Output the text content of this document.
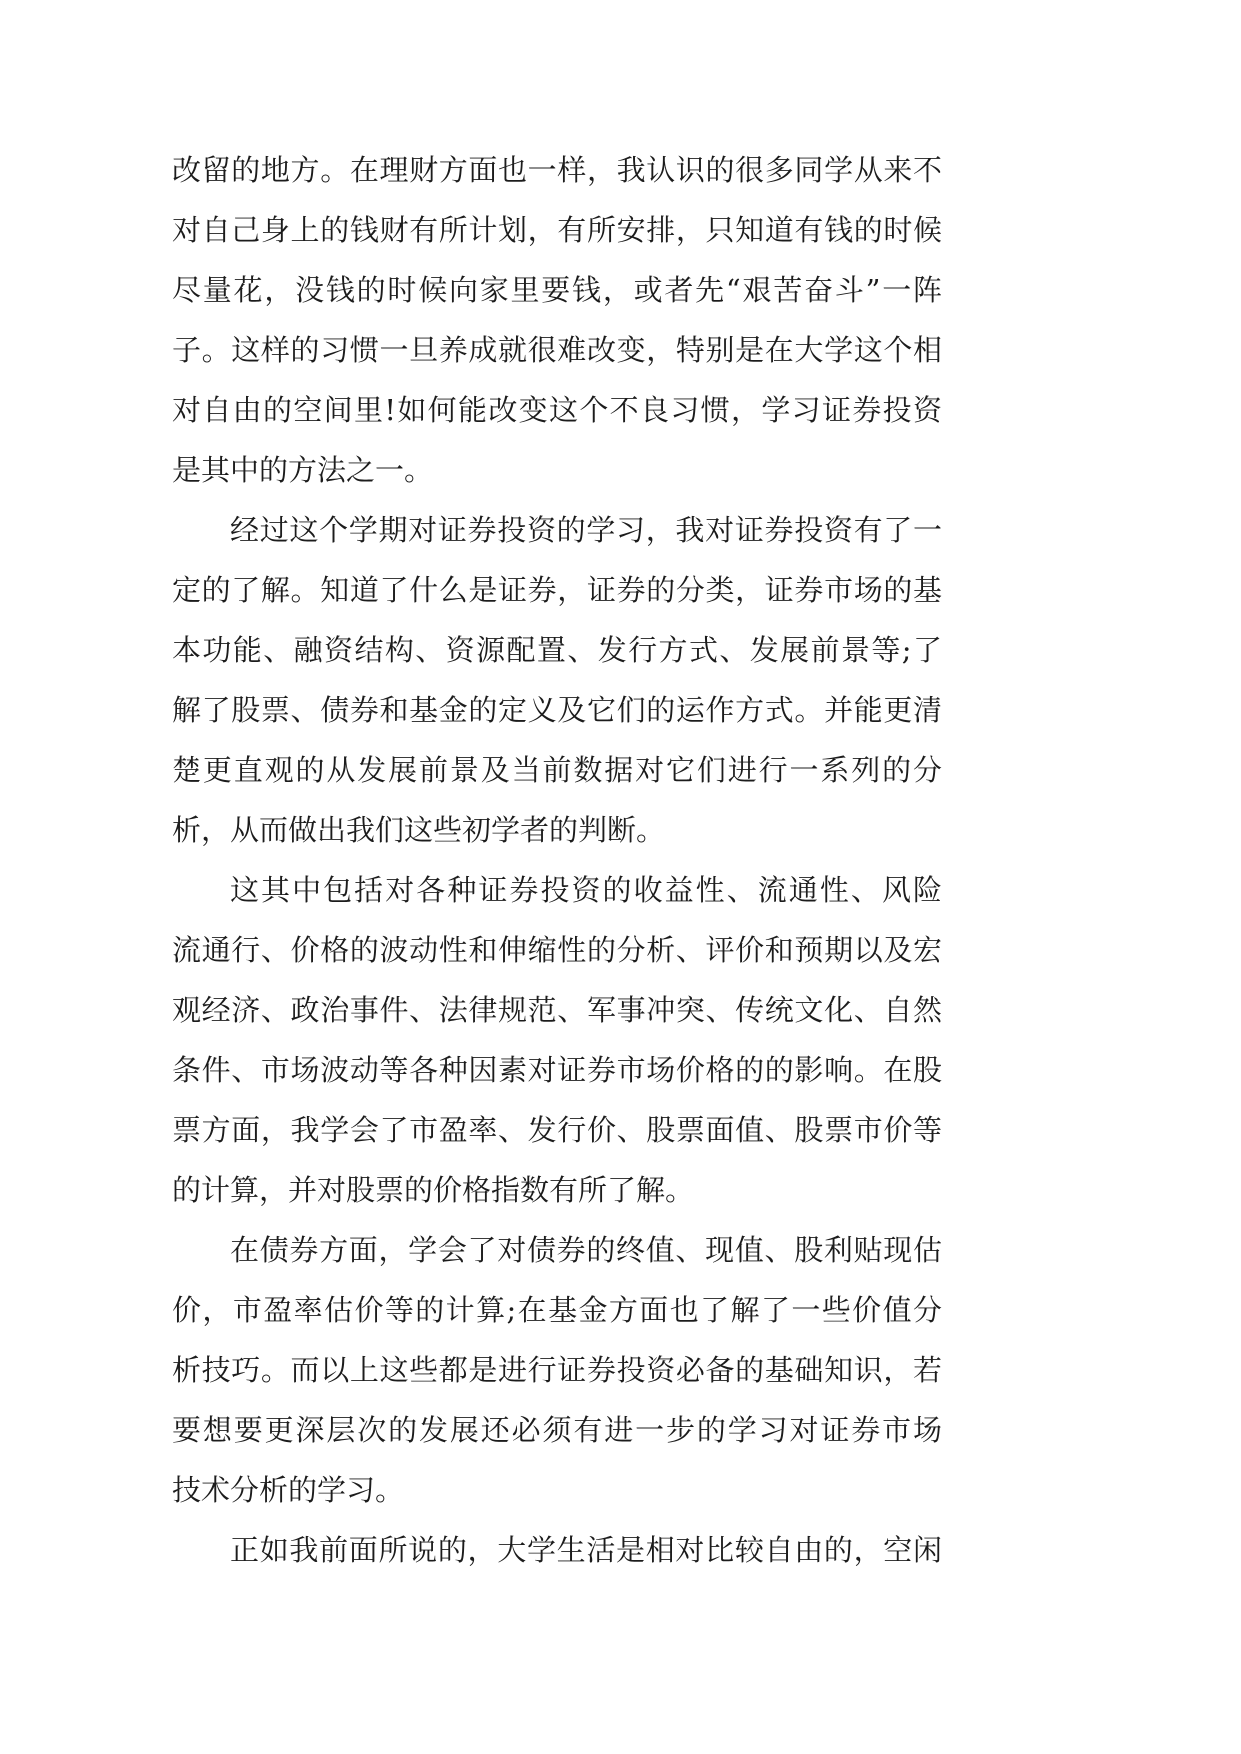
改留的地方。在理财方面也一样，我认识的很多同学从来不
对自己身上的钱财有所计划，有所安排，只知道有钱的时候
尽量花，没钱的时候向家里要钱，或者先“艰苦奋斗”一阵
子。这样的习惯一旦养成就很难改变，特别是在大学这个相
对自由的空间里!如何能改变这个不良习惯，学习证券投资
是其中的方法之一。
经过这个学期对证券投资的学习，我对证券投资有了一
定的了解。知道了什么是证券，证券的分类，证券市场的基
本功能、融资结构、资源配置、发行方式、发展前景等;了
解了股票、债券和基金的定义及它们的运作方式。并能更清
楚更直观的从发展前景及当前数据对它们进行一系列的分
析，从而做出我们这些初学者的判断。
这其中包括对各种证券投资的收益性、流通性、风险
流通行、价格的波动性和伸缩性的分析、评价和预期以及宏
观经济、政治事件、法律规范、军事冲突、传统文化、自然
条件、市场波动等各种因素对证券市场价格的的影响。在股
票方面，我学会了市盈率、发行价、股票面值、股票市价等
的计算，并对股票的价格指数有所了解。
在债券方面，学会了对债券的终值、现值、股利贴现估
价，市盈率估价等的计算;在基金方面也了解了一些价值分
析技巧。而以上这些都是进行证券投资必备的基础知识，若
要想要更深层次的发展还必须有进一步的学习对证券市场
技术分析的学习。
正如我前面所说的，大学生活是相对比较自由的，空闲
